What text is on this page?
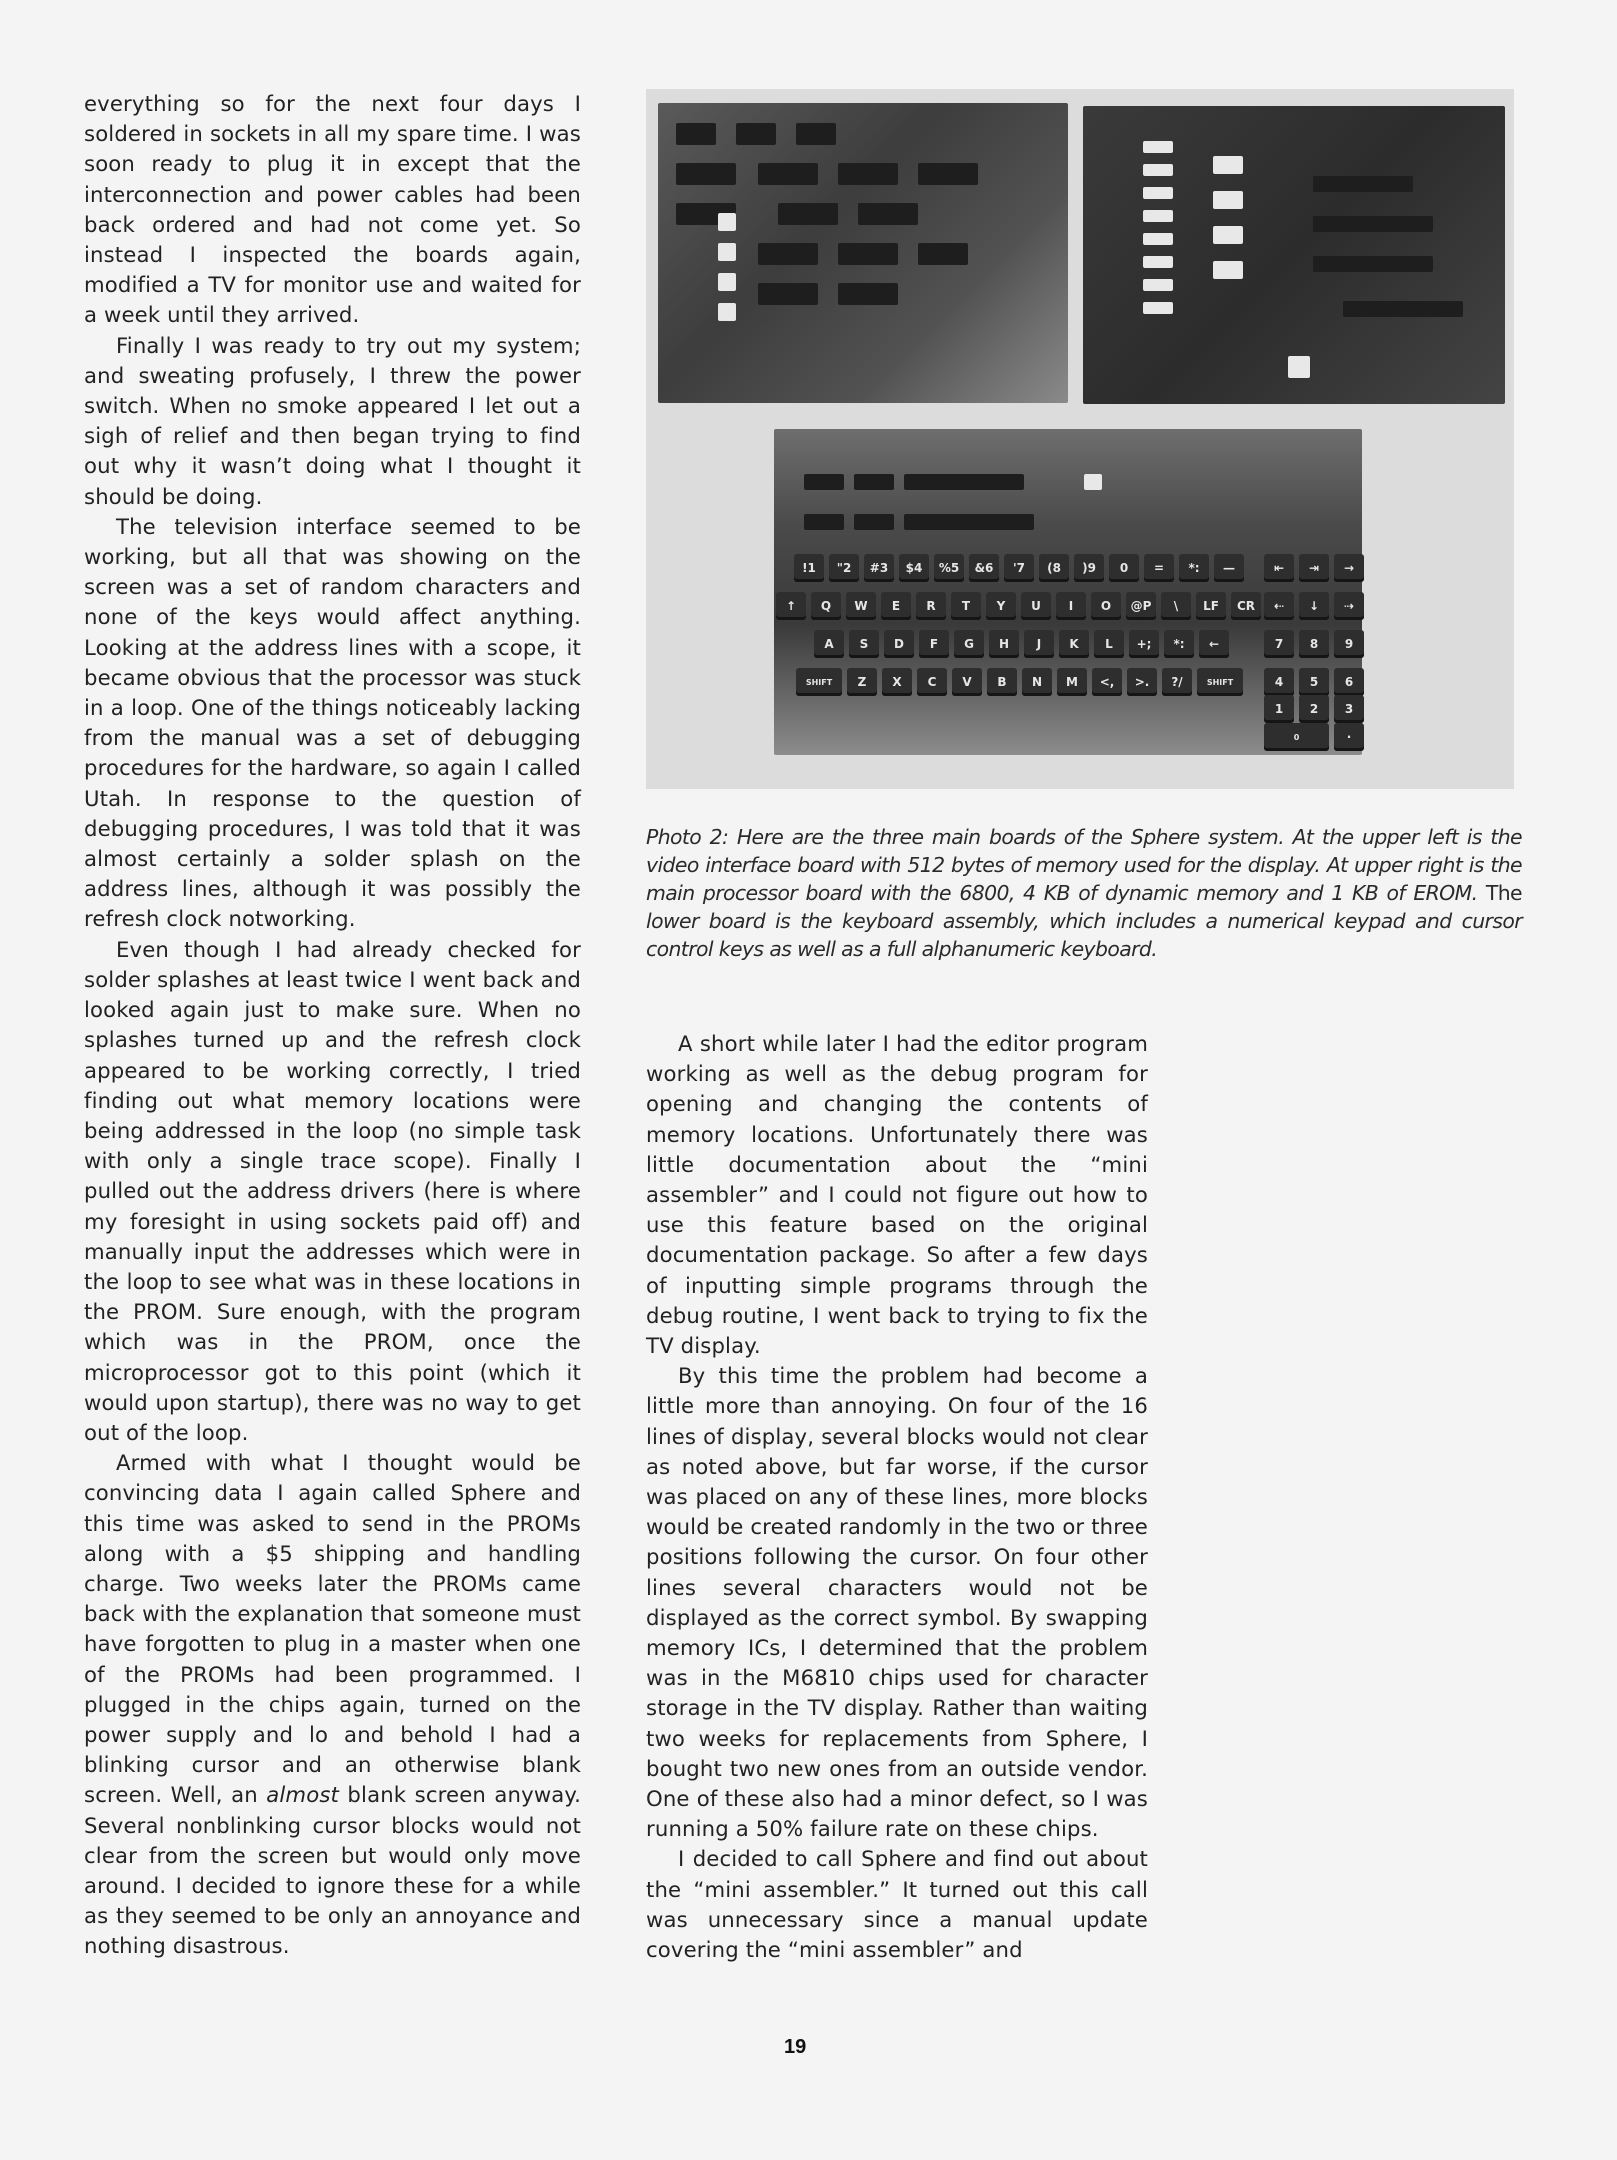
everything so for the next four days I soldered in sockets in all my spare time. I was soon ready to plug it in except that the interconnection and power cables had been back ordered and had not come yet. So instead I inspected the boards again, modified a TV for monitor use and waited for a week until they arrived.

Finally I was ready to try out my system; and sweating profusely, I threw the power switch. When no smoke appeared I let out a sigh of relief and then began trying to find out why it wasn’t doing what I thought it should be doing.

The television interface seemed to be working, but all that was showing on the screen was a set of random characters and none of the keys would affect anything. Looking at the address lines with a scope, it became obvious that the processor was stuck in a loop. One of the things noticeably lacking from the manual was a set of debugging procedures for the hardware, so again I called Utah. In response to the question of debugging procedures, I was told that it was almost certainly a solder splash on the address lines, although it was possibly the refresh clock notworking.

Even though I had already checked for solder splashes at least twice I went back and looked again just to make sure. When no splashes turned up and the refresh clock appeared to be working correctly, I tried finding out what memory locations were being addressed in the loop (no simple task with only a single trace scope). Finally I pulled out the address drivers (here is where my foresight in using sockets paid off) and manually input the addresses which were in the loop to see what was in these locations in the PROM. Sure enough, with the program which was in the PROM, once the microprocessor got to this point (which it would upon startup), there was no way to get out of the loop.

Armed with what I thought would be convincing data I again called Sphere and this time was asked to send in the PROMs along with a $5 shipping and handling charge. Two weeks later the PROMs came back with the explanation that someone must have forgotten to plug in a master when one of the PROMs had been programmed. I plugged in the chips again, turned on the power supply and lo and behold I had a blinking cursor and an otherwise blank screen. Well, an almost blank screen anyway. Several nonblinking cursor blocks would not clear from the screen but would only move around. I decided to ignore these for a while as they seemed to be only an annoyance and nothing disastrous.

!1	"2	#3	$4	%5	&6	'7	(8	)9	0	=	*:	—
↑	Q	W	E	R	T	Y	U	I	O	@P	\	LF	CR
A	S	D	F	G	H	J	K	L	+;	*:	←
SHIFT	Z	X	C	V	B	N	M	<,	>.	?/	SHIFT
⇤	⇥	→
⇠	↓	⇢
7	8	9
4	5	6
1	2	3
0	·
Photo 2: Here are the three main boards of the Sphere system. At the upper left is the video interface board with 512 bytes of memory used for the display. At upper right is the main processor board with the 6800, 4 KB of dynamic memory and 1 KB of EROM. The lower board is the keyboard assembly, which includes a numerical keypad and cursor control keys as well as a full alphanumeric keyboard.

A short while later I had the editor program working as well as the debug program for opening and changing the contents of memory locations. Unfortunately there was little documentation about the “mini assembler” and I could not figure out how to use this feature based on the original documentation package. So after a few days of inputting simple programs through the debug routine, I went back to trying to fix the TV display.

By this time the problem had become a little more than annoying. On four of the 16 lines of display, several blocks would not clear as noted above, but far worse, if the cursor was placed on any of these lines, more blocks would be created randomly in the two or three positions following the cursor. On four other lines several characters would not be displayed as the correct symbol. By swapping memory ICs, I determined that the problem was in the M6810 chips used for character storage in the TV display. Rather than waiting two weeks for replacements from Sphere, I bought two new ones from an outside vendor. One of these also had a minor defect, so I was running a 50% failure rate on these chips.

I decided to call Sphere and find out about the “mini assembler.” It turned out this call was unnecessary since a manual update covering the “mini assembler” and

19
